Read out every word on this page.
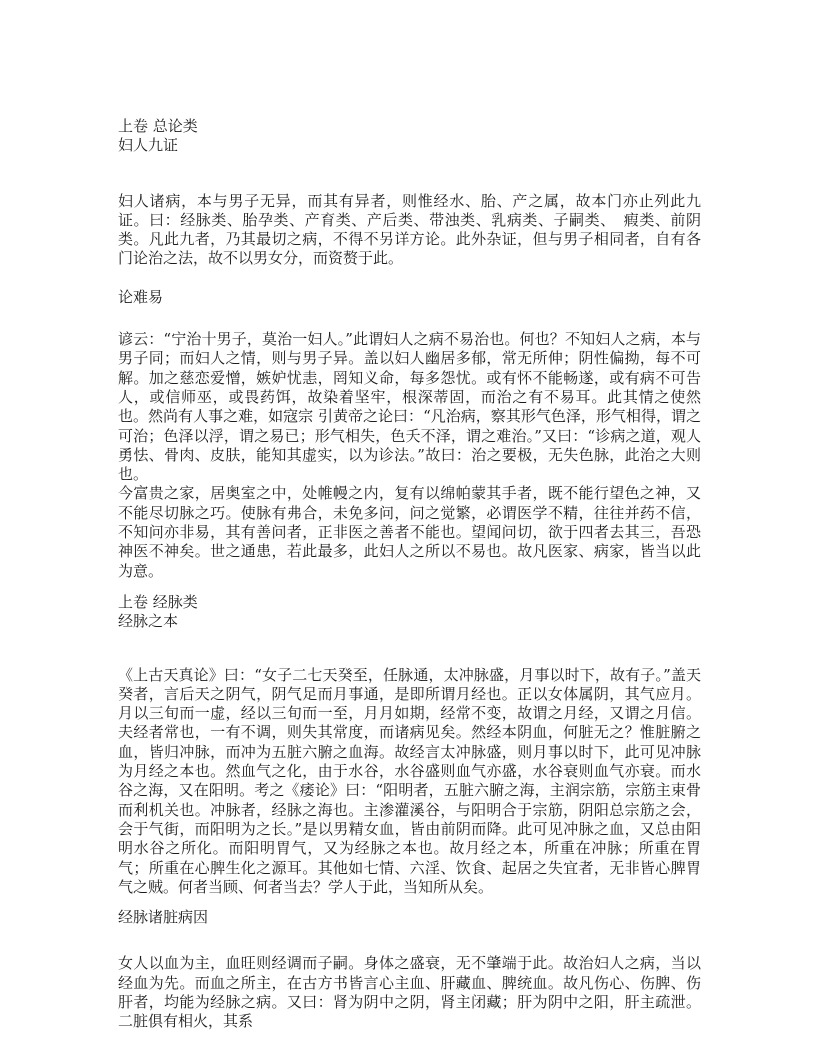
上卷 总论类
妇人九证

妇人诸病，本与男子无异，而其有异者，则惟经水、胎、产之属，故本门亦止列此九证。曰：经脉类、胎孕类、产育类、产后类、带浊类、乳病类、子嗣类、　瘕类、前阴类。凡此九者，乃其最切之病，不得不另详方论。此外杂证，但与男子相同者，自有各门论治之法，故不以男女分，而资赘于此。

论难易

谚云：“宁治十男子，莫治一妇人。”此谓妇人之病不易治也。何也？不知妇人之病，本与男子同；而妇人之情，则与男子异。盖以妇人幽居多郁，常无所伸；阴性偏拗，每不可解。加之慈恋爱憎，嫉妒忧恚，罔知义命，每多怨忧。或有怀不能畅遂，或有病不可告人，或信师巫，或畏药饵，故染着坚牢，根深蒂固，而治之有不易耳。此其情之使然也。然尚有人事之难，如寇宗 引黄帝之论曰：“凡治病，察其形气色泽，形气相得，谓之可治；色泽以浮，谓之易已；形气相失，色夭不泽，谓之难治。”又曰：“诊病之道，观人勇怯、骨肉、皮肤，能知其虚实，以为诊法。”故曰：治之要极，无失色脉，此治之大则也。

今富贵之家，居奥室之中，处帷幔之内，复有以绵帕蒙其手者，既不能行望色之神，又不能尽切脉之巧。使脉有弗合，未免多问，问之觉繁，必谓医学不精，往往并药不信，不知问亦非易，其有善问者，正非医之善者不能也。望闻问切，欲于四者去其三，吾恐神医不神矣。世之通患，若此最多，此妇人之所以不易也。故凡医家、病家，皆当以此为意。

上卷 经脉类
经脉之本

《上古天真论》曰：“女子二七天癸至，任脉通，太冲脉盛，月事以时下，故有子。”盖天癸者，言后天之阴气，阴气足而月事通，是即所谓月经也。正以女体属阴，其气应月。月以三旬而一虚，经以三旬而一至，月月如期，经常不变，故谓之月经，又谓之月信。夫经者常也，一有不调，则失其常度，而诸病见矣。然经本阴血，何脏无之？惟脏腑之血，皆归冲脉，而冲为五脏六腑之血海。故经言太冲脉盛，则月事以时下，此可见冲脉为月经之本也。然血气之化，由于水谷，水谷盛则血气亦盛，水谷衰则血气亦衰。而水谷之海，又在阳明。考之《痿论》曰：“阳明者，五脏六腑之海，主润宗筋，宗筋主束骨而利机关也。冲脉者，经脉之海也。主渗灌溪谷，与阳明合于宗筋，阴阳总宗筋之会，会于气街，而阳明为之长。”是以男精女血，皆由前阴而降。此可见冲脉之血，又总由阳明水谷之所化。而阳明胃气，又为经脉之本也。故月经之本，所重在冲脉；所重在胃气；所重在心脾生化之源耳。其他如七情、六淫、饮食、起居之失宜者，无非皆心脾胃气之贼。何者当顾、何者当去？学人于此，当知所从矣。

经脉诸脏病因

女人以血为主，血旺则经调而子嗣。身体之盛衰，无不肇端于此。故治妇人之病，当以经血为先。而血之所主，在古方书皆言心主血、肝藏血、脾统血。故凡伤心、伤脾、伤肝者，均能为经脉之病。又曰：肾为阴中之阴，肾主闭藏；肝为阴中之阳，肝主疏泄。二脏俱有相火，其系
